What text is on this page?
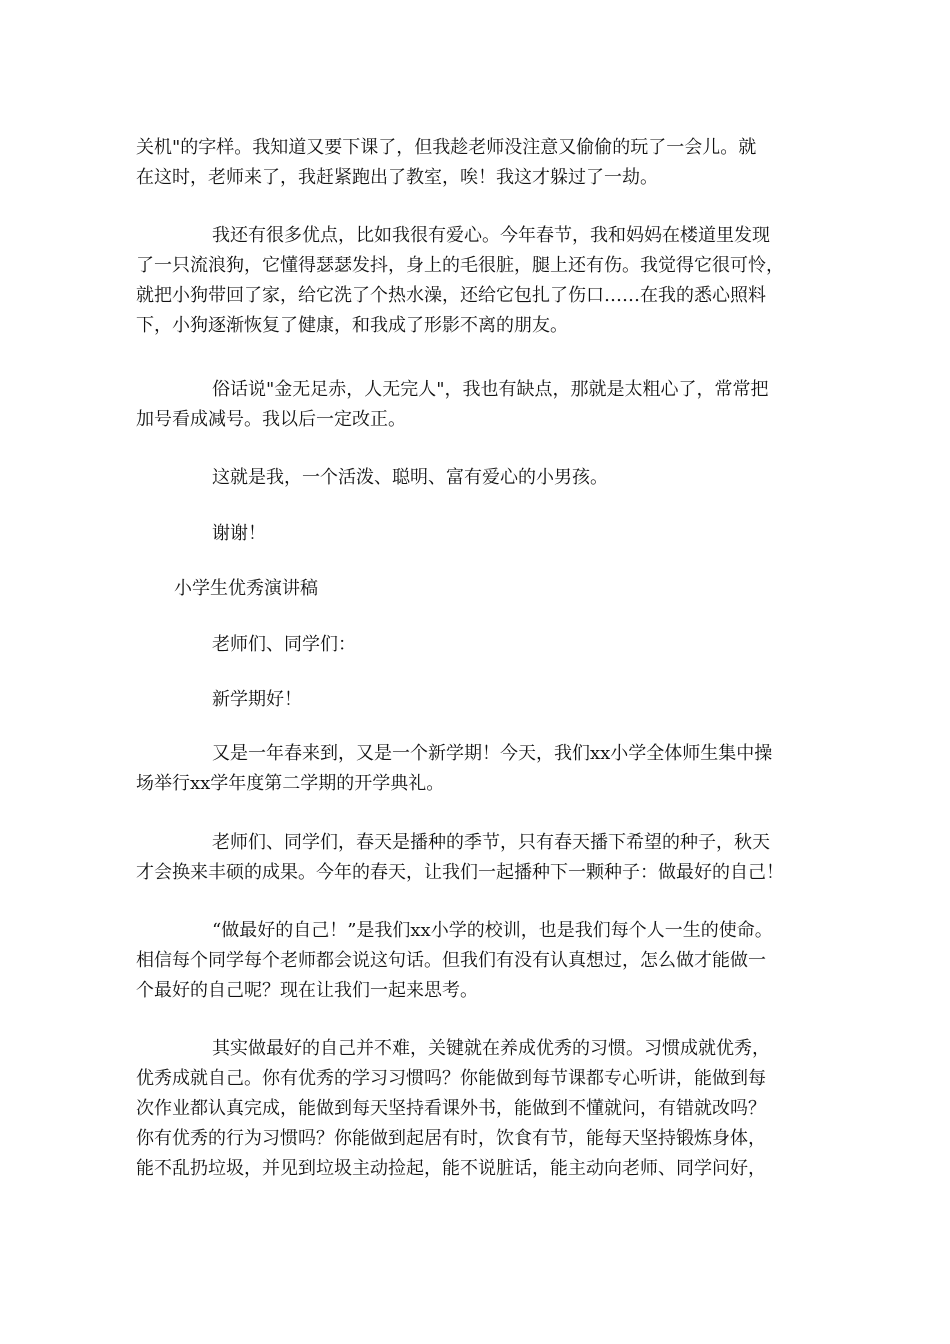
关机"的字样。我知道又要下课了，但我趁老师没注意又偷偷的玩了一会儿。就
在这时，老师来了，我赶紧跑出了教室，唉！我这才躲过了一劫。
我还有很多优点，比如我很有爱心。今年春节，我和妈妈在楼道里发现
了一只流浪狗，它懂得瑟瑟发抖，身上的毛很脏，腿上还有伤。我觉得它很可怜，
就把小狗带回了家，给它洗了个热水澡，还给它包扎了伤口……在我的悉心照料
下，小狗逐渐恢复了健康，和我成了形影不离的朋友。
俗话说"金无足赤，人无完人"，我也有缺点，那就是太粗心了，常常把
加号看成减号。我以后一定改正。
这就是我，一个活泼、聪明、富有爱心的小男孩。
谢谢！
小学生优秀演讲稿
老师们、同学们：
新学期好！
又是一年春来到，又是一个新学期！今天，我们xx小学全体师生集中操
场举行xx学年度第二学期的开学典礼。
老师们、同学们，春天是播种的季节，只有春天播下希望的种子，秋天
才会换来丰硕的成果。今年的春天，让我们一起播种下一颗种子：做最好的自己！
“做最好的自己！”是我们xx小学的校训，也是我们每个人一生的使命。
相信每个同学每个老师都会说这句话。但我们有没有认真想过，怎么做才能做一
个最好的自己呢？现在让我们一起来思考。
其实做最好的自己并不难，关键就在养成优秀的习惯。习惯成就优秀，
优秀成就自己。你有优秀的学习习惯吗？你能做到每节课都专心听讲，能做到每
次作业都认真完成，能做到每天坚持看课外书，能做到不懂就问，有错就改吗？
你有优秀的行为习惯吗？你能做到起居有时，饮食有节，能每天坚持锻炼身体，
能不乱扔垃圾，并见到垃圾主动捡起，能不说脏话，能主动向老师、同学问好，
